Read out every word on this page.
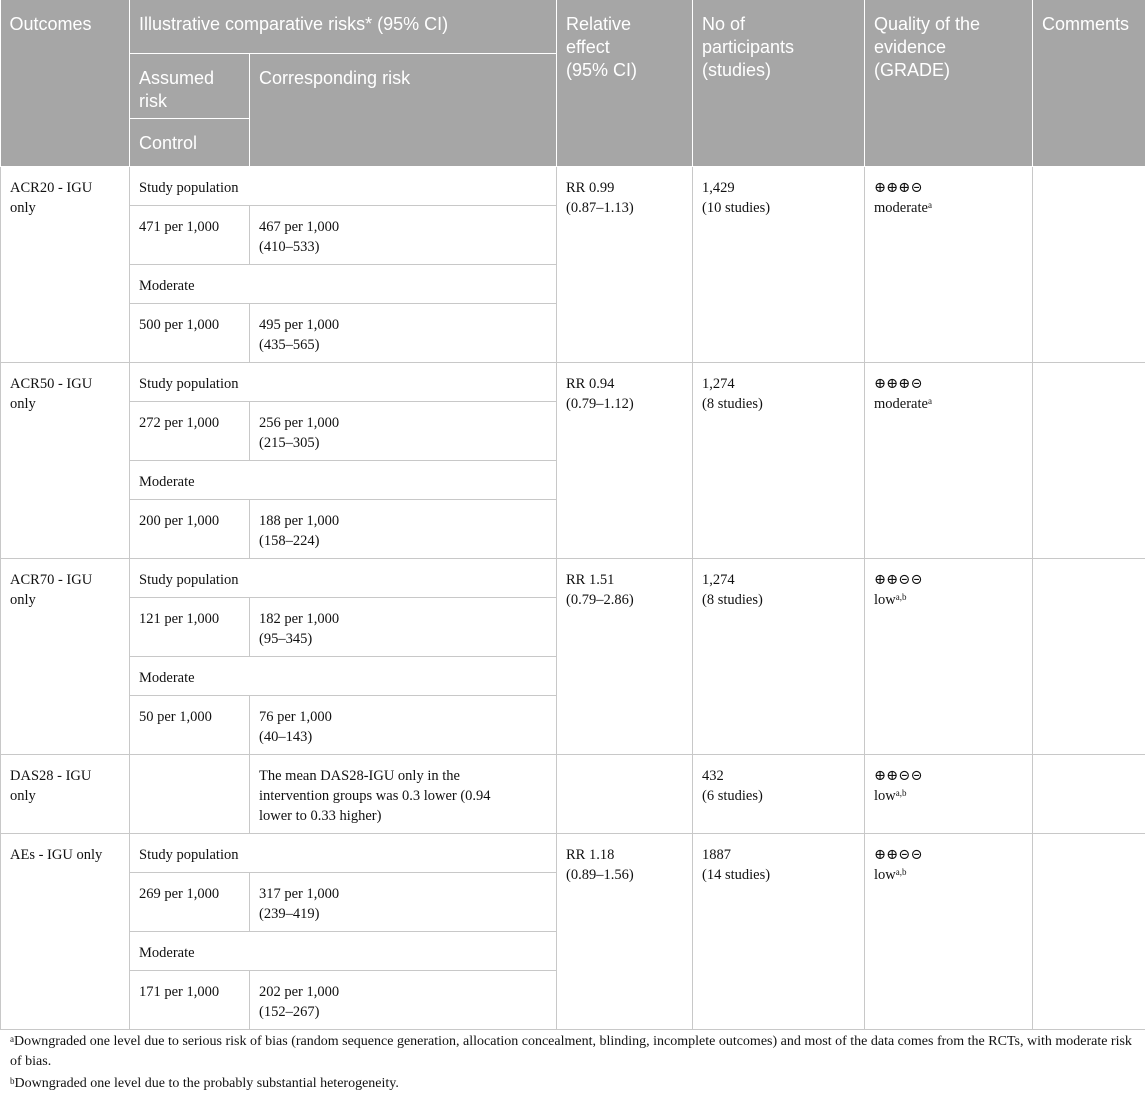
Outcomes	Illustrative comparative risks* (95% CI)		Relative
effect
(95% CI)	No of
participants
(studies)	Quality of the
evidence
(GRADE)	Comments
	Assumed
risk	Corresponding risk				
	Control					
ACR20 - IGU
only	Study population		RR 0.99
(0.87–1.13)	1,429
(10 studies)	⊕⊕⊕⊝
moderate$^a$	
	471 per 1,000	467 per 1,000
(410–533)				
	Moderate					
	500 per 1,000	495 per 1,000
(435–565)				
ACR50 - IGU
only	Study population		RR 0.94
(0.79–1.12)	1,274
(8 studies)	⊕⊕⊕⊝
moderate$^a$	
	272 per 1,000	256 per 1,000
(215–305)				
	Moderate					
	200 per 1,000	188 per 1,000
(158–224)				
ACR70 - IGU
only	Study population		RR 1.51
(0.79–2.86)	1,274
(8 studies)	⊕⊕⊝⊝
low$^{a,b}$	
	121 per 1,000	182 per 1,000
(95–345)				
	Moderate					
	50 per 1,000	76 per 1,000
(40–143)				
DAS28 - IGU
only		The mean DAS28-IGU only in the
intervention groups was 0.3 lower (0.94
lower to 0.33 higher)		432
(6 studies)	⊕⊕⊝⊝
low$^{a,b}$	
AEs - IGU only	Study population		RR 1.18
(0.89–1.56)	1887
(14 studies)	⊕⊕⊝⊝
low$^{a,b}$	
	269 per 1,000	317 per 1,000
(239–419)				
	Moderate					
	171 per 1,000	202 per 1,000
(152–267)				

$^a$Downgraded one level due to serious risk of bias (random sequence generation, allocation concealment, blinding, incomplete outcomes) and most of the data comes from the RCTs, with moderate risk of bias.

$^b$Downgraded one level due to the probably substantial heterogeneity.
